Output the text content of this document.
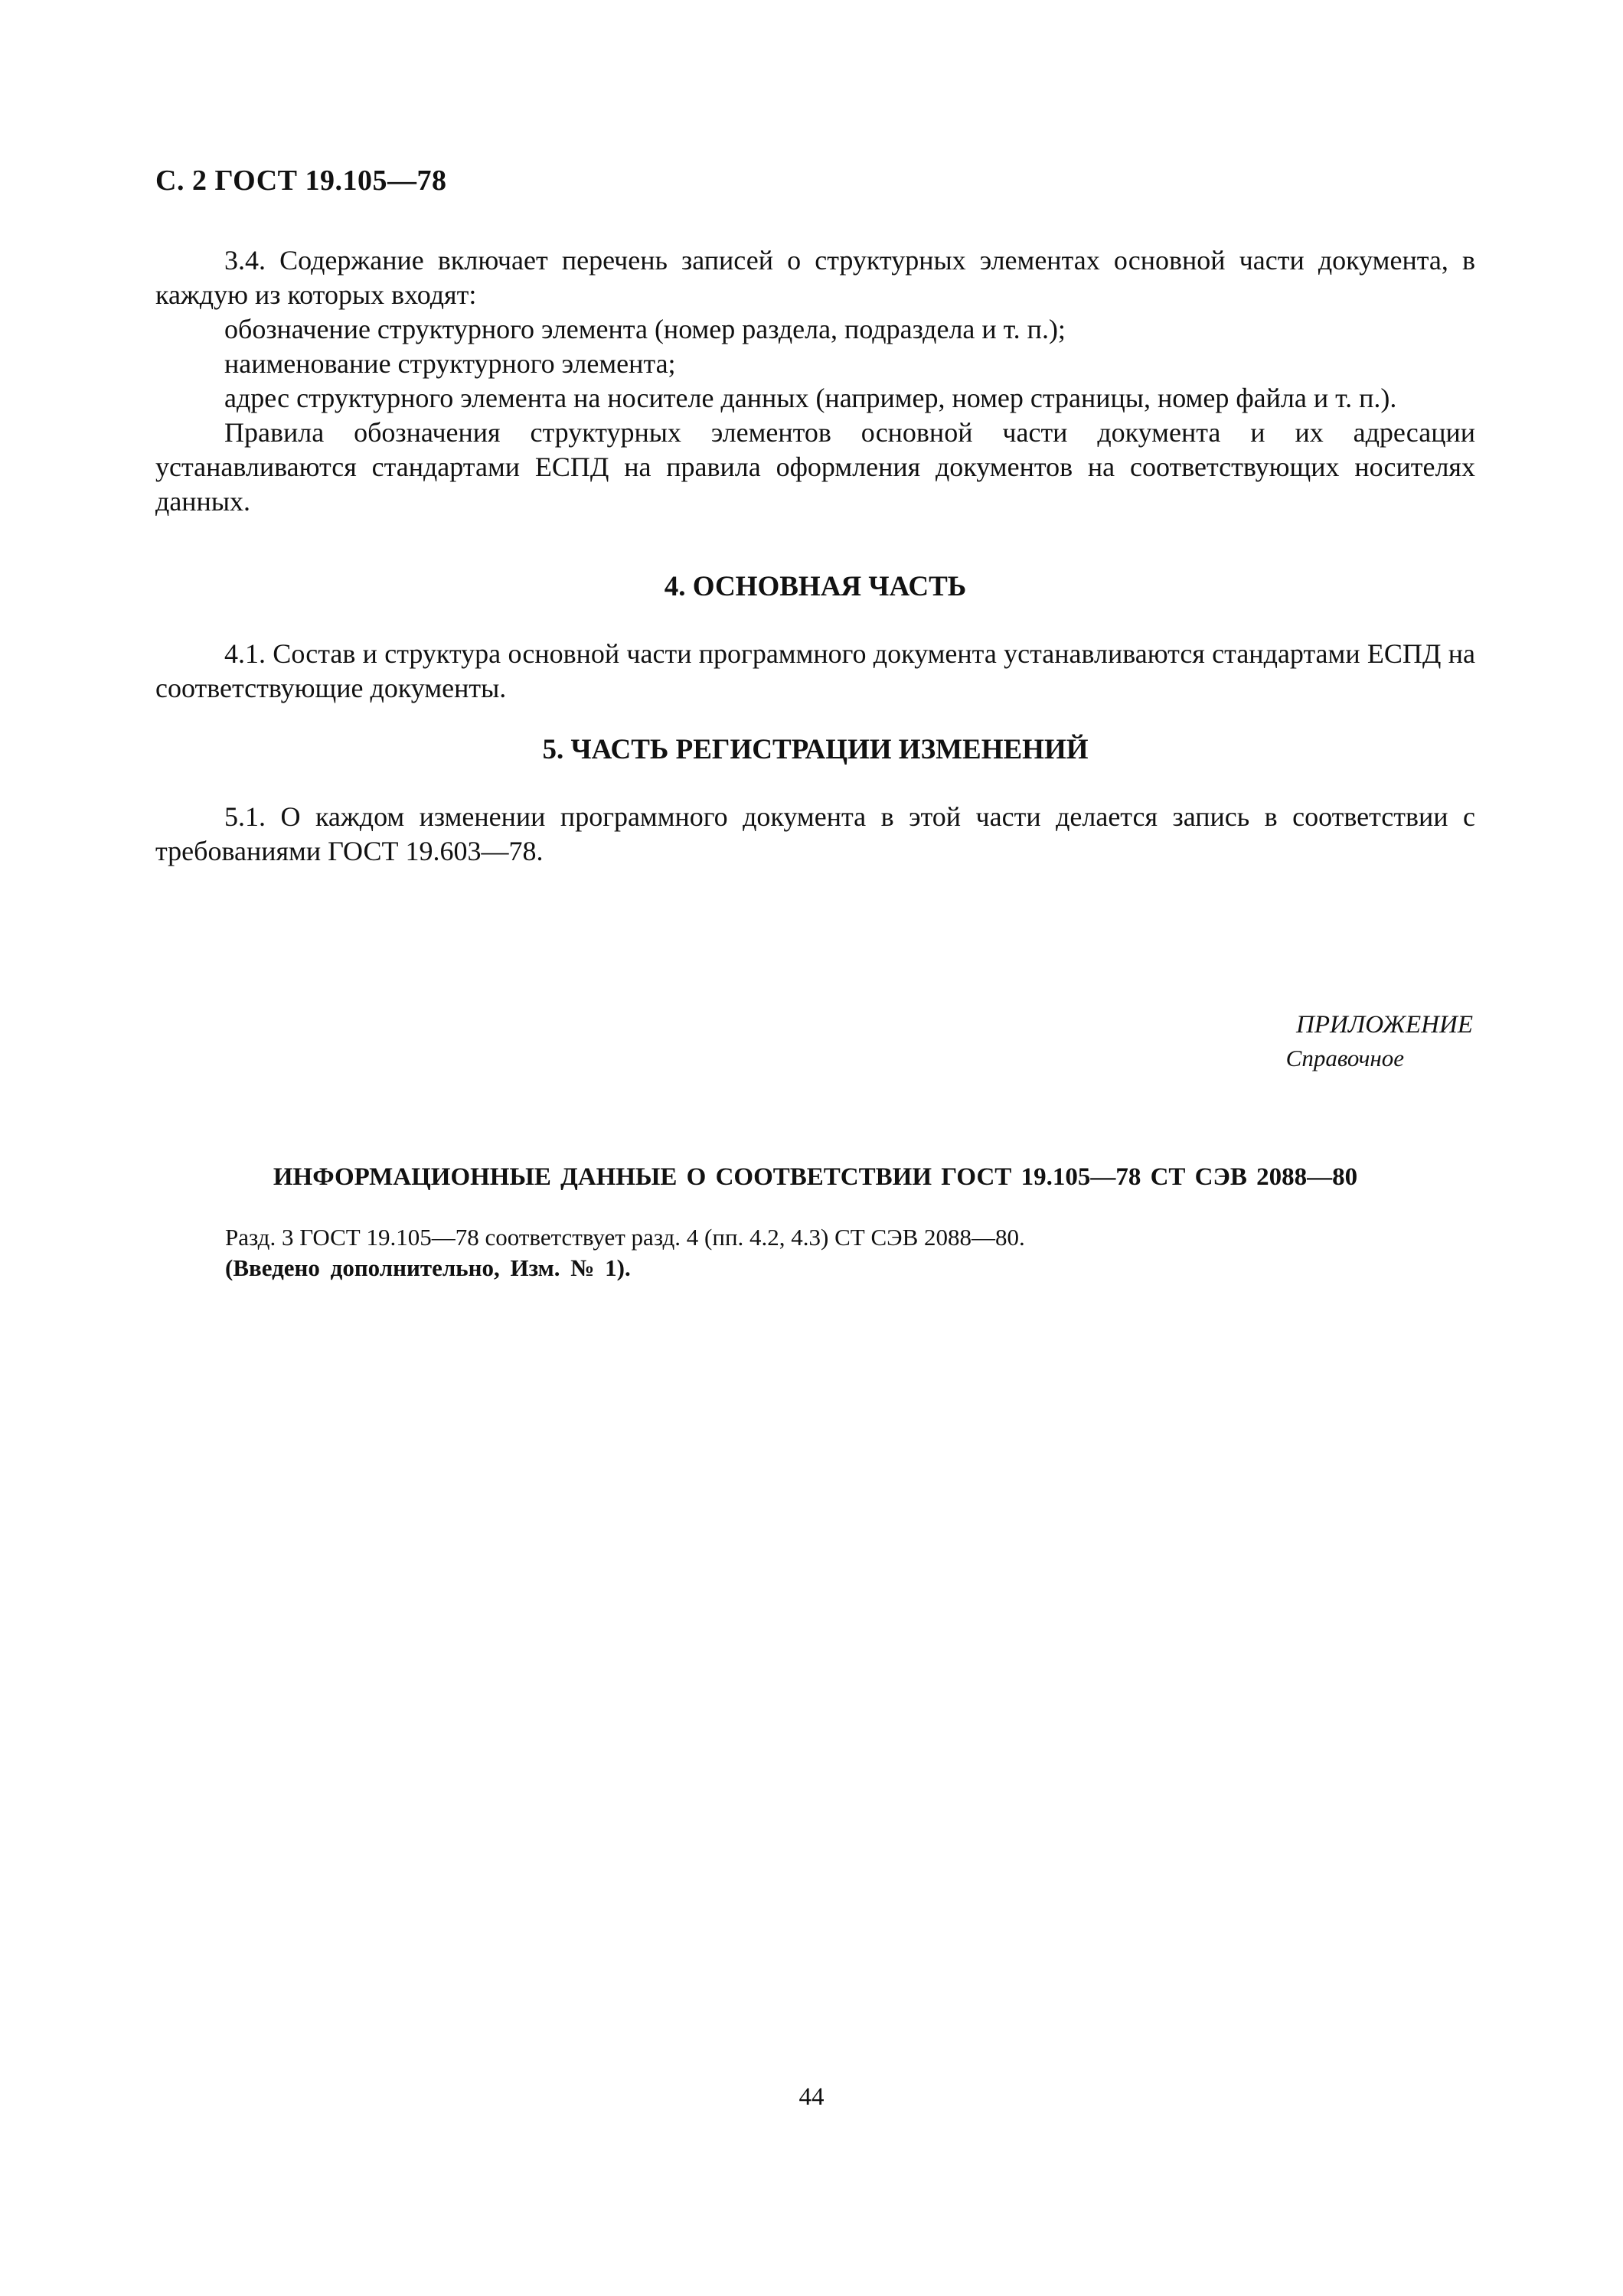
С. 2 ГОСТ 19.105—78

3.4. Содержание включает перечень записей о структурных элементах основной части документа, в каждую из которых входят:

обозначение структурного элемента (номер раздела, подраздела и т. п.);

наименование структурного элемента;

адрес структурного элемента на носителе данных (например, номер страницы, номер файла и т. п.).

Правила обозначения структурных элементов основной части документа и их адресации устанавливаются стандартами ЕСПД на правила оформления документов на соответствующих носителях данных.

4. ОСНОВНАЯ ЧАСТЬ

4.1. Состав и структура основной части программного документа устанавливаются стандартами ЕСПД на соответствующие документы.

5. ЧАСТЬ РЕГИСТРАЦИИ ИЗМЕНЕНИЙ

5.1. О каждом изменении программного документа в этой части делается запись в соответствии с требованиями ГОСТ 19.603—78.

ПРИЛОЖЕНИЕ
Справочное
ИНФОРМАЦИОННЫЕ ДАННЫЕ О СООТВЕТСТВИИ ГОСТ 19.105—78 СТ СЭВ 2088—80

Разд. 3 ГОСТ 19.105—78 соответствует разд. 4 (пп. 4.2, 4.3) СТ СЭВ 2088—80.

(Введено дополнительно, Изм. № 1).

44
